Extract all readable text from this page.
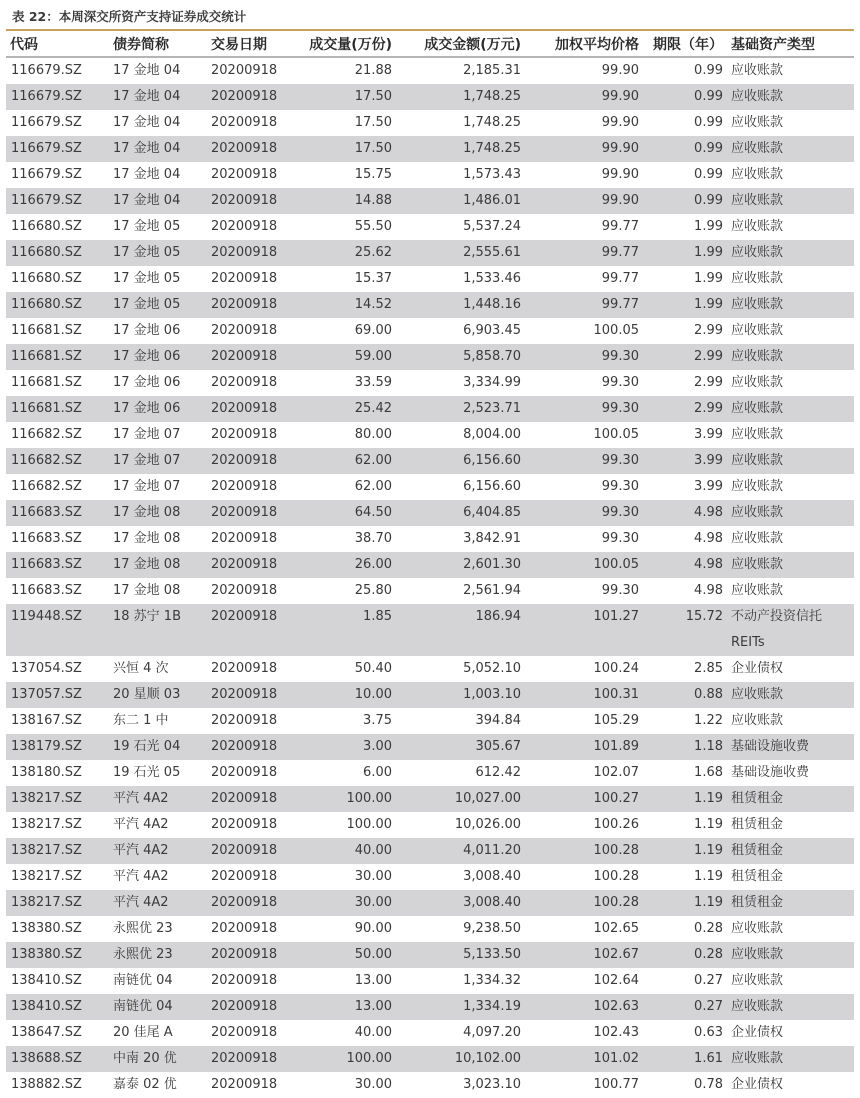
表 22：本周深交所资产支持证券成交统计
代码	债券简称	交易日期	成交量(万份)	成交金额(万元)	加权平均价格	期限（年）	基础资产类型
116679.SZ	17 金地 04	20200918	21.88	2,185.31	99.90	0.99	应收账款
116679.SZ	17 金地 04	20200918	17.50	1,748.25	99.90	0.99	应收账款
116679.SZ	17 金地 04	20200918	17.50	1,748.25	99.90	0.99	应收账款
116679.SZ	17 金地 04	20200918	17.50	1,748.25	99.90	0.99	应收账款
116679.SZ	17 金地 04	20200918	15.75	1,573.43	99.90	0.99	应收账款
116679.SZ	17 金地 04	20200918	14.88	1,486.01	99.90	0.99	应收账款
116680.SZ	17 金地 05	20200918	55.50	5,537.24	99.77	1.99	应收账款
116680.SZ	17 金地 05	20200918	25.62	2,555.61	99.77	1.99	应收账款
116680.SZ	17 金地 05	20200918	15.37	1,533.46	99.77	1.99	应收账款
116680.SZ	17 金地 05	20200918	14.52	1,448.16	99.77	1.99	应收账款
116681.SZ	17 金地 06	20200918	69.00	6,903.45	100.05	2.99	应收账款
116681.SZ	17 金地 06	20200918	59.00	5,858.70	99.30	2.99	应收账款
116681.SZ	17 金地 06	20200918	33.59	3,334.99	99.30	2.99	应收账款
116681.SZ	17 金地 06	20200918	25.42	2,523.71	99.30	2.99	应收账款
116682.SZ	17 金地 07	20200918	80.00	8,004.00	100.05	3.99	应收账款
116682.SZ	17 金地 07	20200918	62.00	6,156.60	99.30	3.99	应收账款
116682.SZ	17 金地 07	20200918	62.00	6,156.60	99.30	3.99	应收账款
116683.SZ	17 金地 08	20200918	64.50	6,404.85	99.30	4.98	应收账款
116683.SZ	17 金地 08	20200918	38.70	3,842.91	99.30	4.98	应收账款
116683.SZ	17 金地 08	20200918	26.00	2,601.30	100.05	4.98	应收账款
116683.SZ	17 金地 08	20200918	25.80	2,561.94	99.30	4.98	应收账款
119448.SZ	18 苏宁 1B	20200918	1.85	186.94	101.27	15.72	不动产投资信托 REITs
137054.SZ	兴恒 4 次	20200918	50.40	5,052.10	100.24	2.85	企业债权
137057.SZ	20 星顺 03	20200918	10.00	1,003.10	100.31	0.88	应收账款
138167.SZ	东二 1 中	20200918	3.75	394.84	105.29	1.22	应收账款
138179.SZ	19 石光 04	20200918	3.00	305.67	101.89	1.18	基础设施收费
138180.SZ	19 石光 05	20200918	6.00	612.42	102.07	1.68	基础设施收费
138217.SZ	平汽 4A2	20200918	100.00	10,027.00	100.27	1.19	租赁租金
138217.SZ	平汽 4A2	20200918	100.00	10,026.00	100.26	1.19	租赁租金
138217.SZ	平汽 4A2	20200918	40.00	4,011.20	100.28	1.19	租赁租金
138217.SZ	平汽 4A2	20200918	30.00	3,008.40	100.28	1.19	租赁租金
138217.SZ	平汽 4A2	20200918	30.00	3,008.40	100.28	1.19	租赁租金
138380.SZ	永熙优 23	20200918	90.00	9,238.50	102.65	0.28	应收账款
138380.SZ	永熙优 23	20200918	50.00	5,133.50	102.67	0.28	应收账款
138410.SZ	南链优 04	20200918	13.00	1,334.32	102.64	0.27	应收账款
138410.SZ	南链优 04	20200918	13.00	1,334.19	102.63	0.27	应收账款
138647.SZ	20 佳尾 A	20200918	40.00	4,097.20	102.43	0.63	企业债权
138688.SZ	中南 20 优	20200918	100.00	10,102.00	101.02	1.61	应收账款
138882.SZ	嘉泰 02 优	20200918	30.00	3,023.10	100.77	0.78	企业债权
